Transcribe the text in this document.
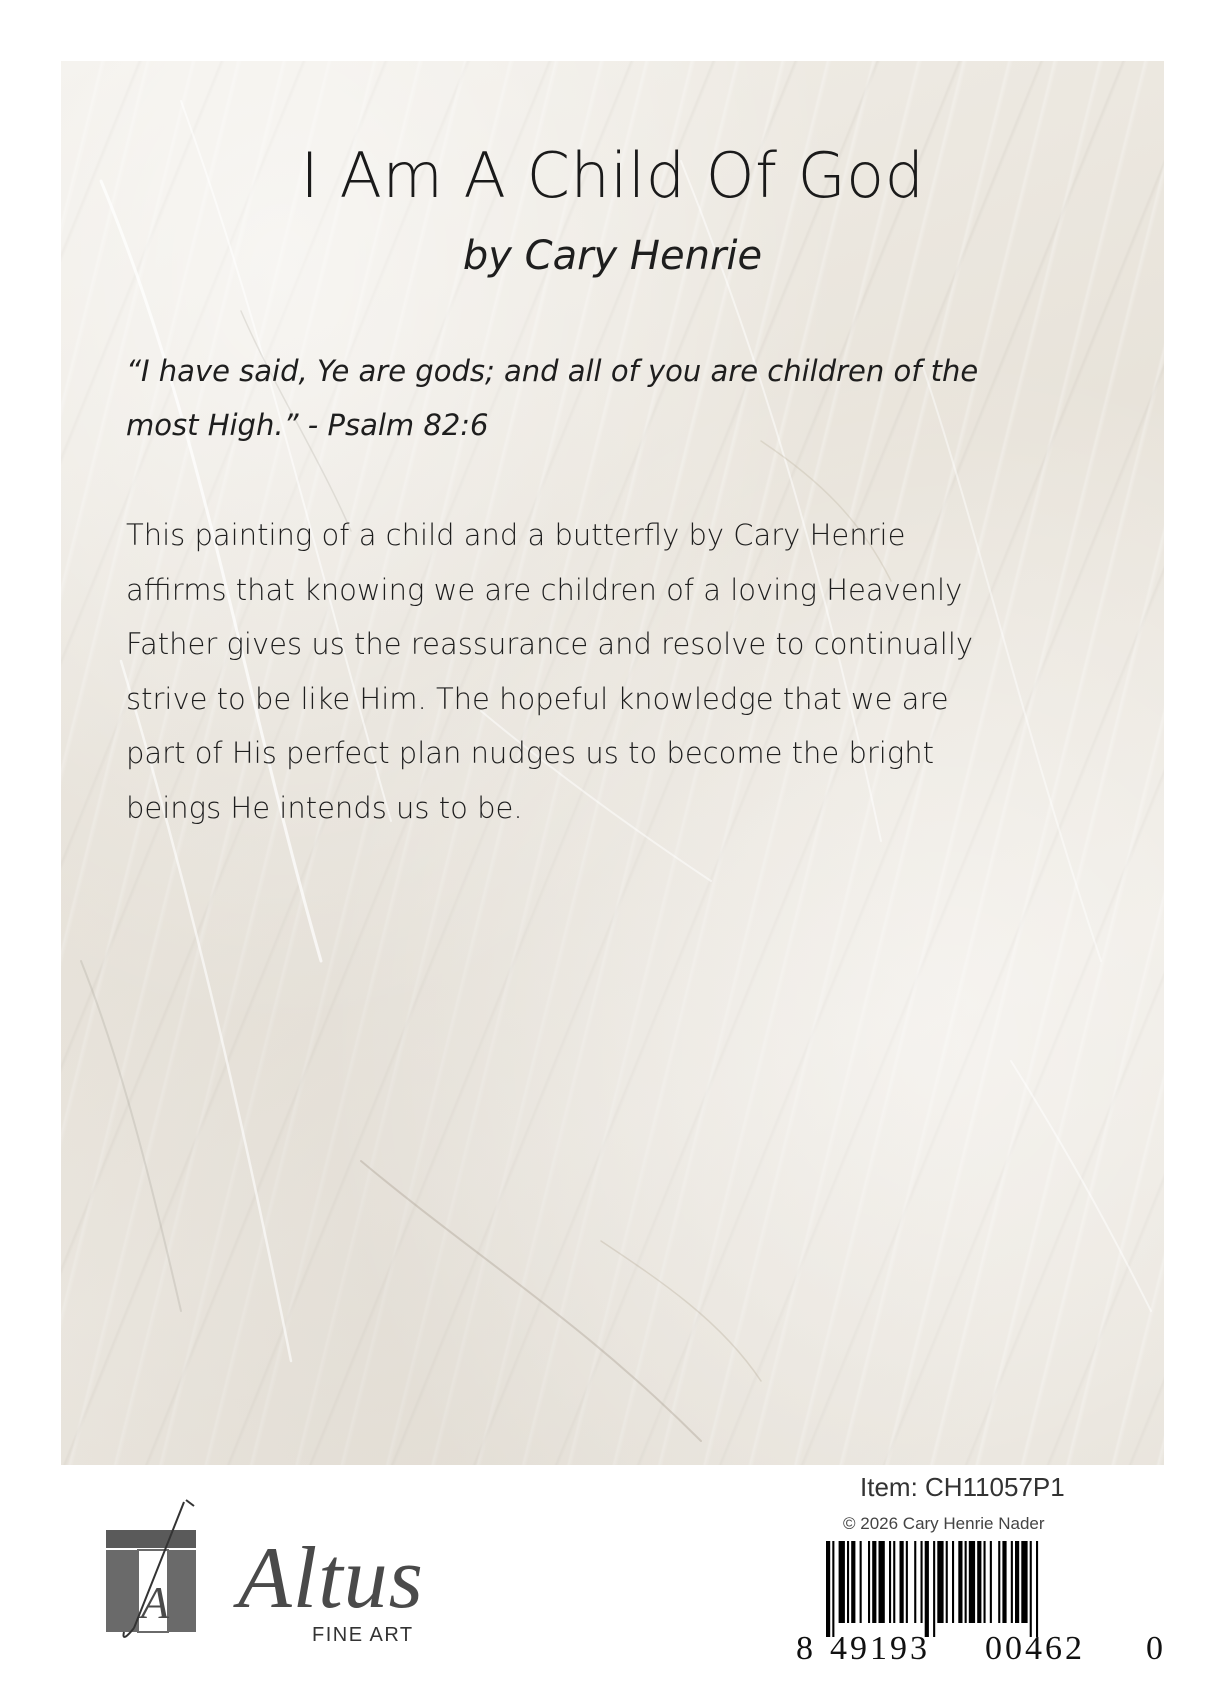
I Am A Child Of God
by Cary Henrie
“I have said, Ye are gods; and all of you are children of the
most High.” - Psalm 82:6
This painting of a child and a butterfly by Cary Henrie
affirms that knowing we are children of a loving Heavenly
Father gives us the reassurance and resolve to continually
strive to be like Him. The hopeful knowledge that we are
part of His perfect plan nudges us to become the bright
beings He intends us to be.
A Altus
FINE ART
Item: CH11057P1
© 2026 Cary Henrie Nader
8 49193 00462 0
